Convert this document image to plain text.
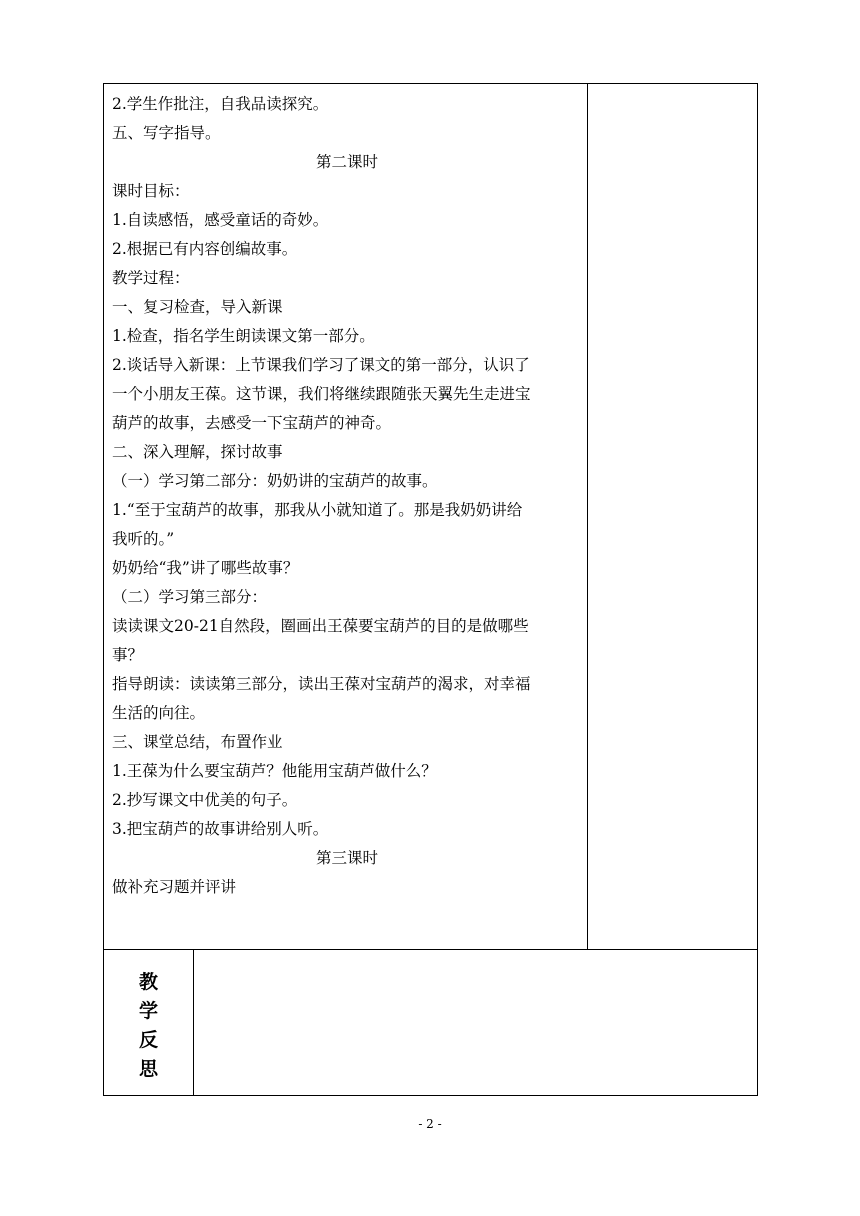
2.学生作批注，自我品读探究。
五、写字指导。
第二课时
课时目标：
1.自读感悟，感受童话的奇妙。
2.根据已有内容创编故事。
教学过程：
一、复习检查，导入新课
1.检查，指名学生朗读课文第一部分。
2.谈话导入新课：上节课我们学习了课文的第一部分，认识了
一个小朋友王葆。这节课，我们将继续跟随张天翼先生走进宝
葫芦的故事，去感受一下宝葫芦的神奇。
二、深入理解，探讨故事
（一）学习第二部分：奶奶讲的宝葫芦的故事。
1.“至于宝葫芦的故事，那我从小就知道了。那是我奶奶讲给
我听的。”
奶奶给“我”讲了哪些故事？
（二）学习第三部分：
读读课文20-21自然段，圈画出王葆要宝葫芦的目的是做哪些
事？
指导朗读：读读第三部分，读出王葆对宝葫芦的渴求，对幸福
生活的向往。
三、课堂总结，布置作业
1.王葆为什么要宝葫芦？他能用宝葫芦做什么？
2.抄写课文中优美的句子。
3.把宝葫芦的故事讲给别人听。
第三课时
做补充习题并评讲
教
学
反
思
- 2 -
